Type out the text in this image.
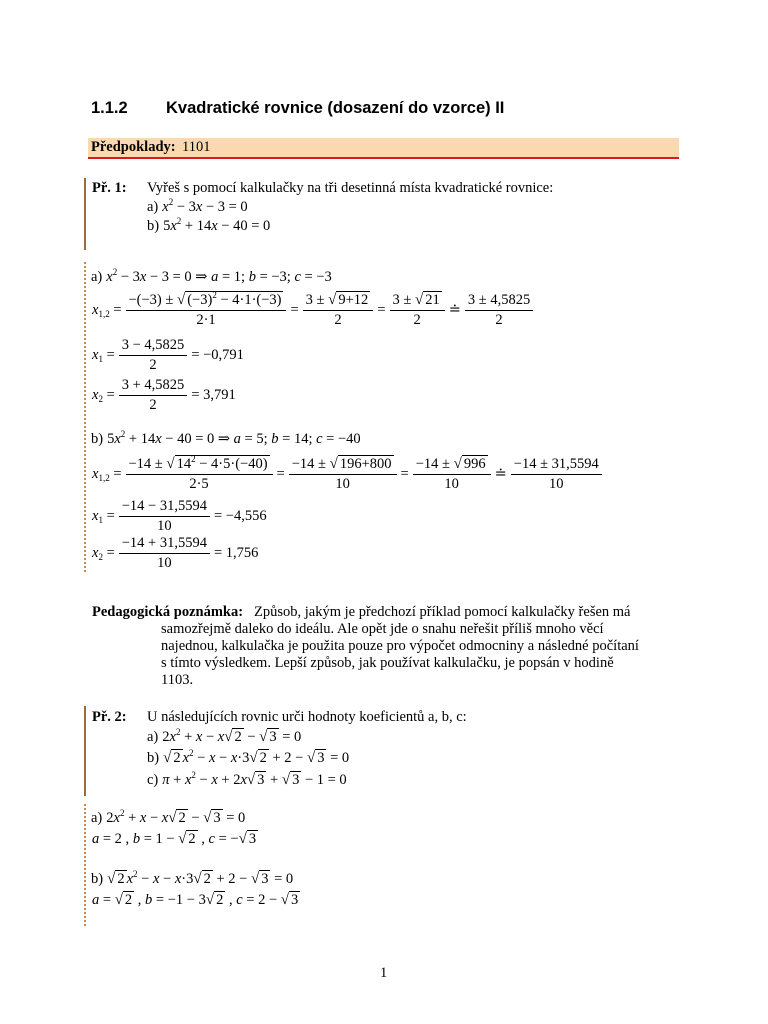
1.1.2 Kvadratické rovnice (dosazení do vzorce) II
Předpoklady: 1101
Př. 1: Vyřeš s pomocí kalkulačky na tři desetinná místa kvadratické rovnice:
a) $x^2 - 3x - 3 = 0$
b) $5x^2 + 14x - 40 = 0$
a) $x^2 - 3x - 3 = 0$ ⇒ a = 1; b = −3; c = −3
$x_{1,2} = \frac{-(-3) \pm √ (-3)^2 - 4\cdot 1\cdot(-3)}{2\cdot 1} = \frac{3 \pm √ 9+12}{2} = \frac{3 \pm √ 21}{2}$ ≐ $\frac{3 \pm 4,5825}{2}$
$x_1 = \frac{3 - 4,5825}{2} = -0,791$
$x_2 = \frac{3 + 4,5825}{2} = 3,791$
b) $5x^2 + 14x - 40 = 0$ ⇒ a = 5; b = 14; c = −40
$x_{1,2} = \frac{-14 \pm √ 14^2 - 4\cdot 5\cdot(-40)}{2\cdot 5} = \frac{-14 \pm √ 196+800}{10} = \frac{-14 \pm √ 996}{10}$ ≐ $\frac{-14 \pm 31,5594}{10}$
$x_1 = \frac{-14 - 31,5594}{10} = -4,556$
$x_2 = \frac{-14 + 31,5594}{10} = 1,756$
Pedagogická poznámka: Způsob, jakým je předchozí příklad pomocí kalkulačky řešen má
samozřejmě daleko do ideálu. Ale opět jde o snahu neřešit příliš mnoho věcí
najednou, kalkulačka je použita pouze pro výpočet odmocniny a následné počítaní
s tímto výsledkem. Lepší způsob, jak používat kalkulačku, je popsán v hodině
1103.
Př. 2: U následujících rovnic urči hodnoty koeficientů a, b, c:
a) $2x^2 + x - x√$ 2 − √ 3 = 0
b) √ 2 $x^2 - x - x\cdot 3√$ 2 + 2 − √ 3 = 0
c) $\pi + x^2 - x + 2x√$ 3 + √ 3 − 1 = 0
a) $2x^2 + x - x√$ 2 − √ 3 = 0
a = 2 , b = 1 − √ 2 , c = −√ 3
b) √ 2 $x^2 - x - x\cdot 3√$ 2 + 2 − √ 3 = 0
a = √ 2 , b = −1 − 3√ 2 , c = 2 − √ 3
1
